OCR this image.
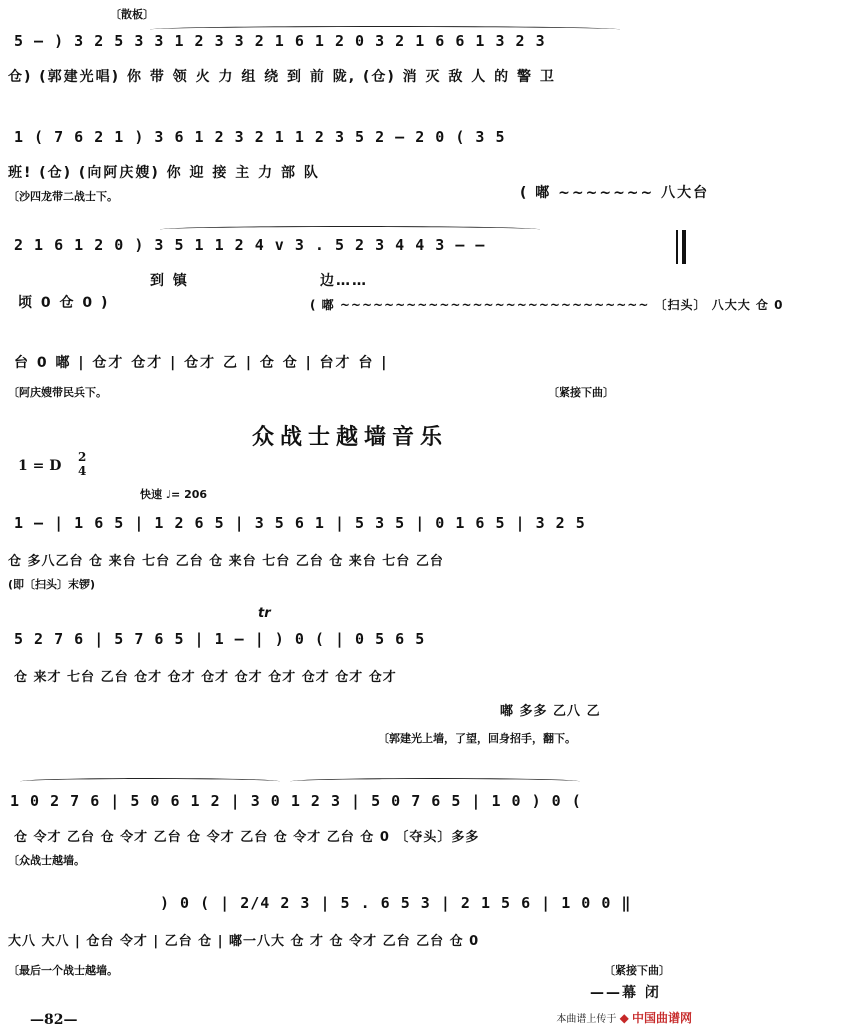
〔散板〕
5 – ) 3 2 5 3 3 1 2 3 3 2 1 6 1 2 0 3 2 1 6 6 1 3 2 3
仓) (郭建光唱) 你 带 领 火 力 组 绕 到 前 陇, (仓) 消 灭 敌 人 的 警 卫
1 ( 7 6 2 1 ) 3 6 1 2 3 2 1 1 2 3 5 2 – 2 0 ( 3 5
班! (仓) (向阿庆嫂) 你 迎 接 主 力 部 队
〔沙四龙带二战士下。	( 嘟 ~~~~~~~ 八大台
2 1 6 1 2 0 ) 3 5 1 1 2 4 v 3 . 5 2 3 4 4 3 – –
到 镇	边……
顷 0 仓 0 )	( 嘟 ~~~~~~~~~~~~~~~~~~~~~~~~~~~~ 〔扫头〕 八大大 仓 0
台 0 嘟 | 仓才 仓才 | 仓才 乙 | 仓 仓 | 台才 台 |
〔阿庆嫂带民兵下。	〔紧接下曲〕
众战士越墙音乐
1 = D
2
4
快速 ♩= 206
1 – | 1 6 5 | 1 2 6 5 | 3 5 6 1 | 5 3 5 | 0 1 6 5 | 3 2 5
仓 多八乙台 仓 来台 七台 乙台 仓 来台 七台 乙台 仓 来台 七台 乙台
(即〔扫头〕末锣)
tr
5 2 7 6 | 5 7 6 5 | 1 – | ) 0 ( | 0 5 6 5
仓 来才 七台 乙台 仓才 仓才 仓才 仓才 仓才 仓才 仓才 仓才
嘟 多多 乙八 乙
〔郭建光上墙，了望，回身招手，翻下。
1 0 2 7 6 | 5 0 6 1 2 | 3 0 1 2 3 | 5 0 7 6 5 | 1 0 ) 0 (
仓 令才 乙台 仓 令才 乙台 仓 令才 乙台 仓 令才 乙台 仓 0 〔夺头〕多多
〔众战士越墙。
) 0 ( | 2/4 2 3 | 5 . 6 5 3 | 2 1 5 6 | 1 0 0 ‖
大八 大八 | 仓台 令才 | 乙台 仓 | 嘟一八大 仓 才 仓 令才 乙台 乙台 仓 0
〔最后一个战士越墙。	〔紧接下曲〕
——幕 闭
—82—	本曲谱上传于 ◆ 中国曲谱网
